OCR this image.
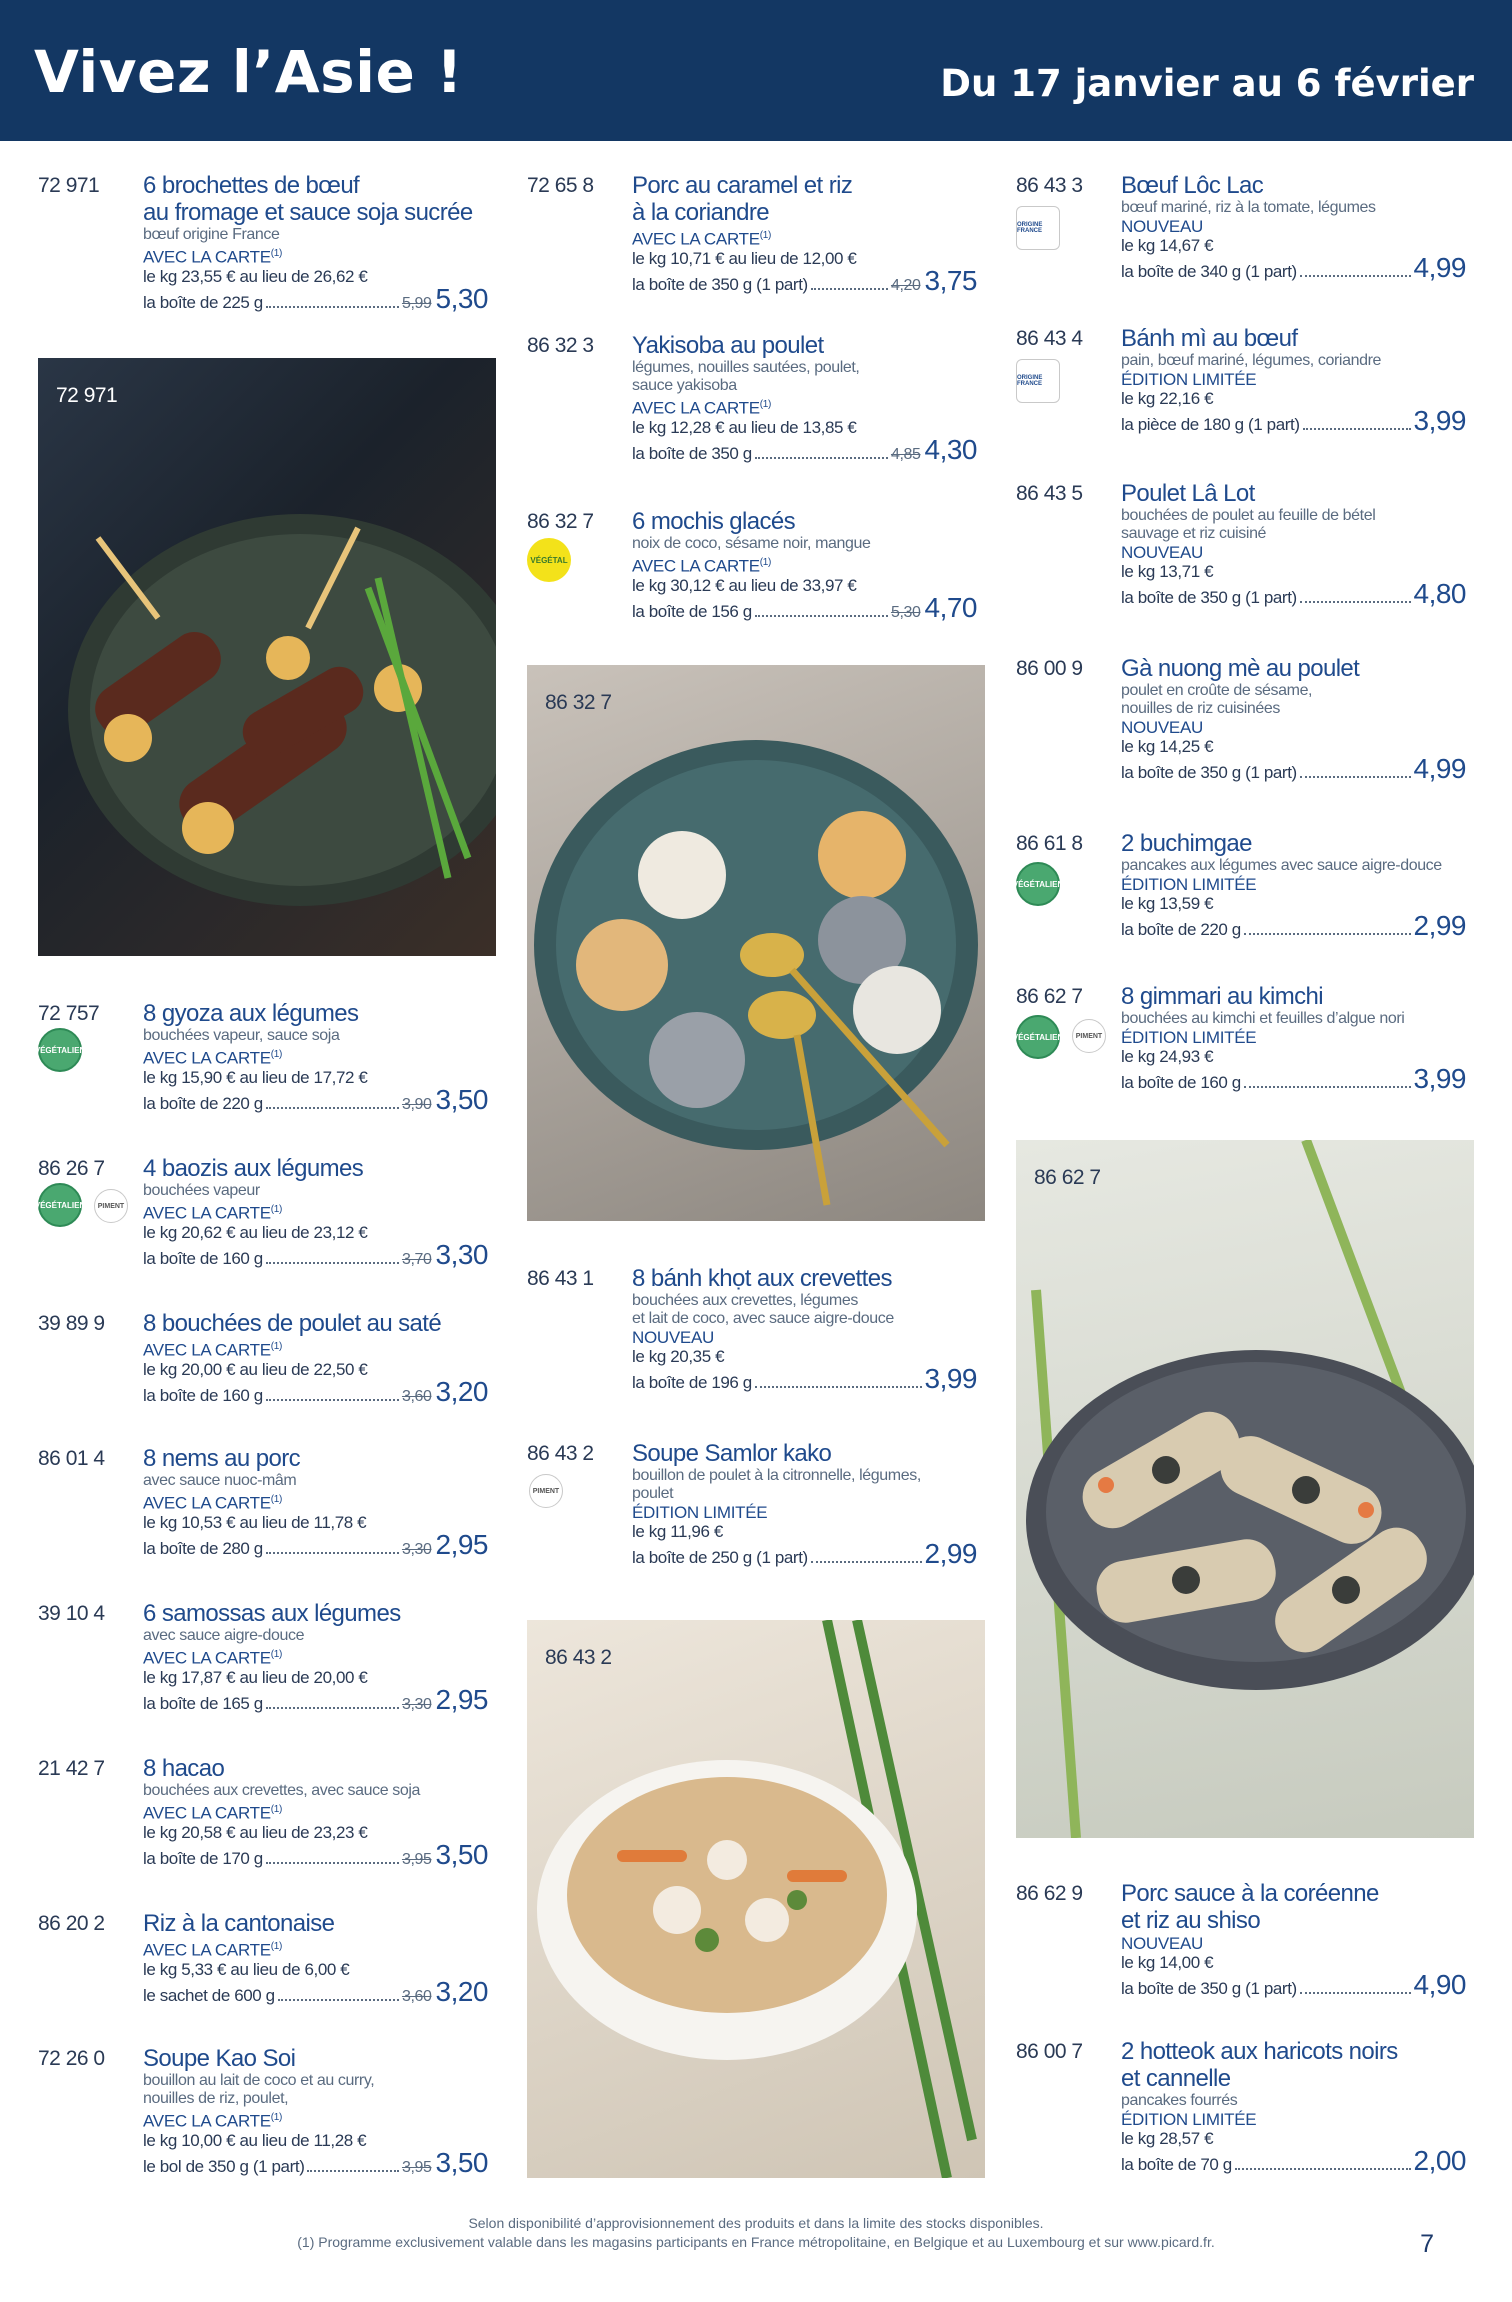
Vivez l’Asie !	Du 17 janvier au 6 février
72 971 6 brochettes de bœuf
au fromage et sauce soja sucrée
bœuf origine France
AVEC LA CARTE$^{(1)}$
le kg 23,55 € au lieu de 26,62 €
la boîte de 225 g	5,99 5,30
72 971
72 757
VÉGÉTALIEN
8 gyoza aux légumes
bouchées vapeur, sauce soja
AVEC LA CARTE$^{(1)}$
le kg 15,90 € au lieu de 17,72 €
la boîte de 220 g	3,90 3,50
86 26 7
VÉGÉTALIEN	PIMENT
4 baozis aux légumes
bouchées vapeur
AVEC LA CARTE$^{(1)}$
le kg 20,62 € au lieu de 23,12 €
la boîte de 160 g	3,70 3,30
39 89 9 8 bouchées de poulet au saté
AVEC LA CARTE$^{(1)}$
le kg 20,00 € au lieu de 22,50 €
la boîte de 160 g	3,60 3,20
86 01 4 8 nems au porc
avec sauce nuoc-mâm
AVEC LA CARTE$^{(1)}$
le kg 10,53 € au lieu de 11,78 €
la boîte de 280 g	3,30 2,95
39 10 4 6 samossas aux légumes
avec sauce aigre-douce
AVEC LA CARTE$^{(1)}$
le kg 17,87 € au lieu de 20,00 €
la boîte de 165 g	3,30 2,95
21 42 7 8 hacao
bouchées aux crevettes, avec sauce soja
AVEC LA CARTE$^{(1)}$
le kg 20,58 € au lieu de 23,23 €
la boîte de 170 g	3,95 3,50
86 20 2 Riz à la cantonaise
AVEC LA CARTE$^{(1)}$
le kg 5,33 € au lieu de 6,00 €
le sachet de 600 g	3,60 3,20
72 26 0 Soupe Kao Soi
bouillon au lait de coco et au curry,
nouilles de riz, poulet,
AVEC LA CARTE$^{(1)}$
le kg 10,00 € au lieu de 11,28 €
le bol de 350 g (1 part)	3,95 3,50
72 65 8 Porc au caramel et riz
à la coriandre
AVEC LA CARTE$^{(1)}$
le kg 10,71 € au lieu de 12,00 €
la boîte de 350 g (1 part)	4,20 3,75
86 32 3 Yakisoba au poulet
légumes, nouilles sautées, poulet,
sauce yakisoba
AVEC LA CARTE$^{(1)}$
le kg 12,28 € au lieu de 13,85 €
la boîte de 350 g	4,85 4,30
86 32 7
VÉGÉTAL
6 mochis glacés
noix de coco, sésame noir, mangue
AVEC LA CARTE$^{(1)}$
le kg 30,12 € au lieu de 33,97 €
la boîte de 156 g	5,30 4,70
86 32 7
86 43 1 8 bánh khọt aux crevettes
bouchées aux crevettes, légumes
et lait de coco, avec sauce aigre-douce
NOUVEAU
le kg 20,35 €
la boîte de 196 g	3,99
86 43 2
PIMENT
Soupe Samlor kako
bouillon de poulet à la citronnelle, légumes,
poulet
ÉDITION LIMITÉE
le kg 11,96 €
la boîte de 250 g (1 part)	2,99
86 43 2
86 43 3
ORIGINE FRANCE
Bœuf Lôc Lac
bœuf mariné, riz à la tomate, légumes
NOUVEAU
le kg 14,67 €
la boîte de 340 g (1 part)	4,99
86 43 4
ORIGINE FRANCE
Bánh mì au bœuf
pain, bœuf mariné, légumes, coriandre
ÉDITION LIMITÉE
le kg 22,16 €
la pièce de 180 g (1 part)	3,99
86 43 5 Poulet Lâ Lot
bouchées de poulet au feuille de bétel
sauvage et riz cuisiné
NOUVEAU
le kg 13,71 €
la boîte de 350 g (1 part)	4,80
86 00 9 Gà nuong mè au poulet
poulet en croûte de sésame,
nouilles de riz cuisinées
NOUVEAU
le kg 14,25 €
la boîte de 350 g (1 part)	4,99
86 61 8
VÉGÉTALIEN
2 buchimgae
pancakes aux légumes avec sauce aigre-douce
ÉDITION LIMITÉE
le kg 13,59 €
la boîte de 220 g	2,99
86 62 7
VÉGÉTALIEN	PIMENT
8 gimmari au kimchi
bouchées au kimchi et feuilles d’algue nori
ÉDITION LIMITÉE
le kg 24,93 €
la boîte de 160 g	3,99
86 62 7
86 62 9 Porc sauce à la coréenne
et riz au shiso
NOUVEAU
le kg 14,00 €
la boîte de 350 g (1 part)	4,90
86 00 7 2 hotteok aux haricots noirs
et cannelle
pancakes fourrés
ÉDITION LIMITÉE
le kg 28,57 €
la boîte de 70 g	2,00
Selon disponibilité d’approvisionnement des produits et dans la limite des stocks disponibles.
(1) Programme exclusivement valable dans les magasins participants en France métropolitaine, en Belgique et au Luxembourg et sur www.picard.fr.	7
